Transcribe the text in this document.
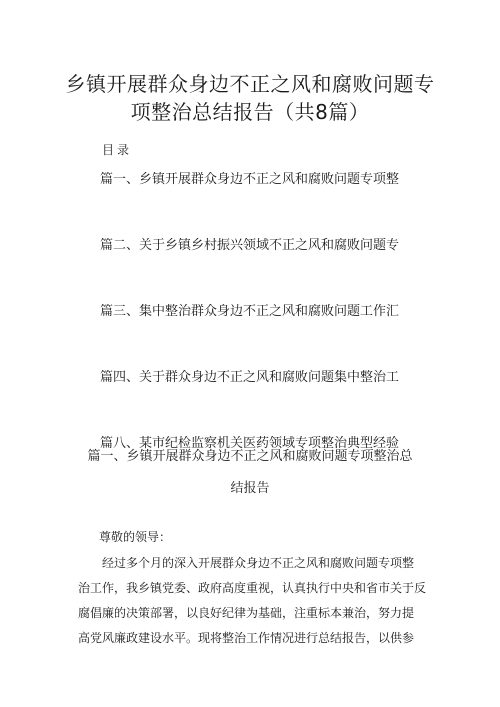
乡镇开展群众身边不正之风和腐败问题专项整治总结报告（共8篇）
目录
篇一、乡镇开展群众身边不正之风和腐败问题专项整
篇二、关于乡镇乡村振兴领域不正之风和腐败问题专
篇三、集中整治群众身边不正之风和腐败问题工作汇
篇四、关于群众身边不正之风和腐败问题集中整治工
篇八、某市纪检监察机关医药领域专项整治典型经验
篇一、乡镇开展群众身边不正之风和腐败问题专项整治总
结报告
尊敬的领导：
经过多个月的深入开展群众身边不正之风和腐败问题专项整
治工作，我乡镇党委、政府高度重视，认真执行中央和省市关于反
腐倡廉的决策部署，以良好纪律为基础，注重标本兼治，努力提
高党风廉政建设水平。现将整治工作情况进行总结报告，以供参
